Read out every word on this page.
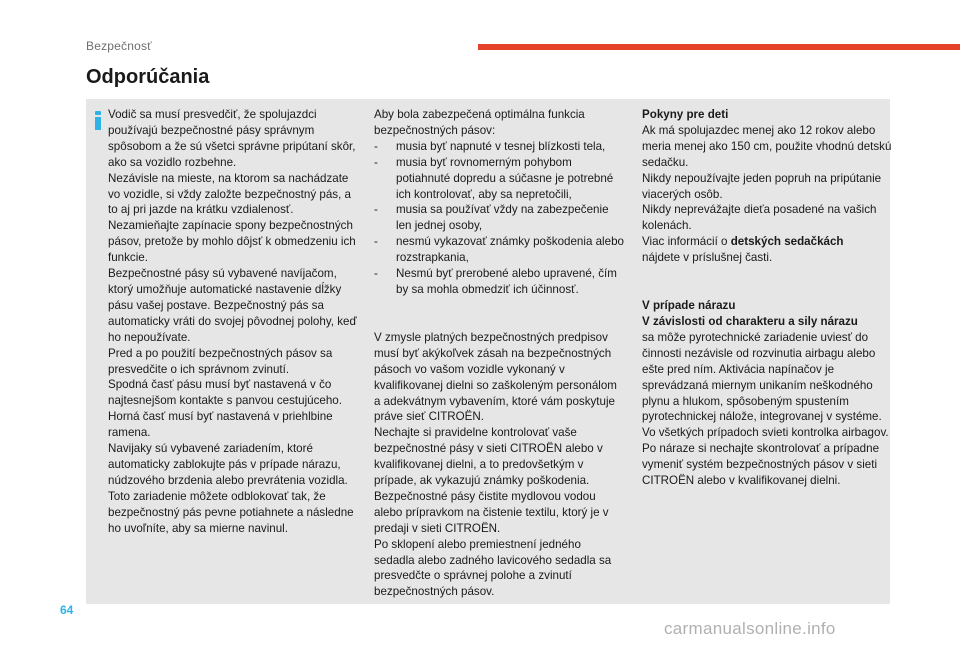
Bezpečnosť
Odporúčania

Vodič sa musí presvedčiť, že spolujazdci používajú bezpečnostné pásy správnym spôsobom a že sú všetci správne pripútaní skôr, ako sa vozidlo rozbehne.

Nezávisle na mieste, na ktorom sa nachádzate vo vozidle, si vždy založte bezpečnostný pás, a to aj pri jazde na krátku vzdialenosť.

Nezamieňajte zapínacie spony bezpečnostných pásov, pretože by mohlo dôjsť k obmedzeniu ich funkcie.

Bezpečnostné pásy sú vybavené navíjačom, ktorý umožňuje automatické nastavenie dĺžky pásu vašej postave. Bezpečnostný pás sa automaticky vráti do svojej pôvodnej polohy, keď ho nepoužívate.

Pred a po použití bezpečnostných pásov sa presvedčite o ich správnom zvinutí.

Spodná časť pásu musí byť nastavená v čo najtesnejšom kontakte s panvou cestujúceho.

Horná časť musí byť nastavená v priehlbine ramena.

Navijaky sú vybavené zariadením, ktoré automaticky zablokujte pás v prípade nárazu, núdzového brzdenia alebo prevrátenia vozidla. Toto zariadenie môžete odblokovať tak, že bezpečnostný pás pevne potiahnete a následne ho uvoľníte, aby sa mierne navinul.

Aby bola zabezpečená optimálna funkcia bezpečnostných pásov:

-	musia byť napnuté v tesnej blízkosti tela,
-	musia byť rovnomerným pohybom potiahnuté dopredu a súčasne je potrebné ich kontrolovať, aby sa nepretočili,
-	musia sa používať vždy na zabezpečenie len jednej osoby,
-	nesmú vykazovať známky poškodenia alebo rozstrapkania,
-	Nesmú byť prerobené alebo upravené, čím by sa mohla obmedziť ich účinnosť.

V zmysle platných bezpečnostných predpisov musí byť akýkoľvek zásah na bezpečnostných pásoch vo vašom vozidle vykonaný v kvalifikovanej dielni so zaškoleným personálom a adekvátnym vybavením, ktoré vám poskytuje práve sieť CITROËN.

Nechajte si pravidelne kontrolovať vaše bezpečnostné pásy v sieti CITROËN alebo v kvalifikovanej dielni, a to predovšetkým v prípade, ak vykazujú známky poškodenia.

Bezpečnostné pásy čistite mydlovou vodou alebo prípravkom na čistenie textilu, ktorý je v predaji v sieti CITROËN.

Po sklopení alebo premiestnení jedného sedadla alebo zadného lavicového sedadla sa presvedčte o správnej polohe a zvinutí bezpečnostných pásov.

Pokyny pre deti

Ak má spolujazdec menej ako 12 rokov alebo meria menej ako 150 cm, použite vhodnú detskú sedačku.

Nikdy nepoužívajte jeden popruh na pripútanie viacerých osôb.

Nikdy neprevážajte dieťa posadené na vašich kolenách.

Viac informácií o detských sedačkách
nájdete v príslušnej časti.

V prípade nárazu

V závislosti od charakteru a sily nárazu

sa môže pyrotechnické zariadenie uviesť do činnosti nezávisle od rozvinutia airbagu alebo ešte pred ním. Aktivácia napínačov je sprevádzaná miernym unikaním neškodného plynu a hlukom, spôsobeným spustením pyrotechnickej nálože, integrovanej v systéme.

Vo všetkých prípadoch svieti kontrolka airbagov.

Po náraze si nechajte skontrolovať a prípadne vymeniť systém bezpečnostných pásov v sieti CITROËN alebo v kvalifikovanej dielni.

64
carmanualsonline.info
